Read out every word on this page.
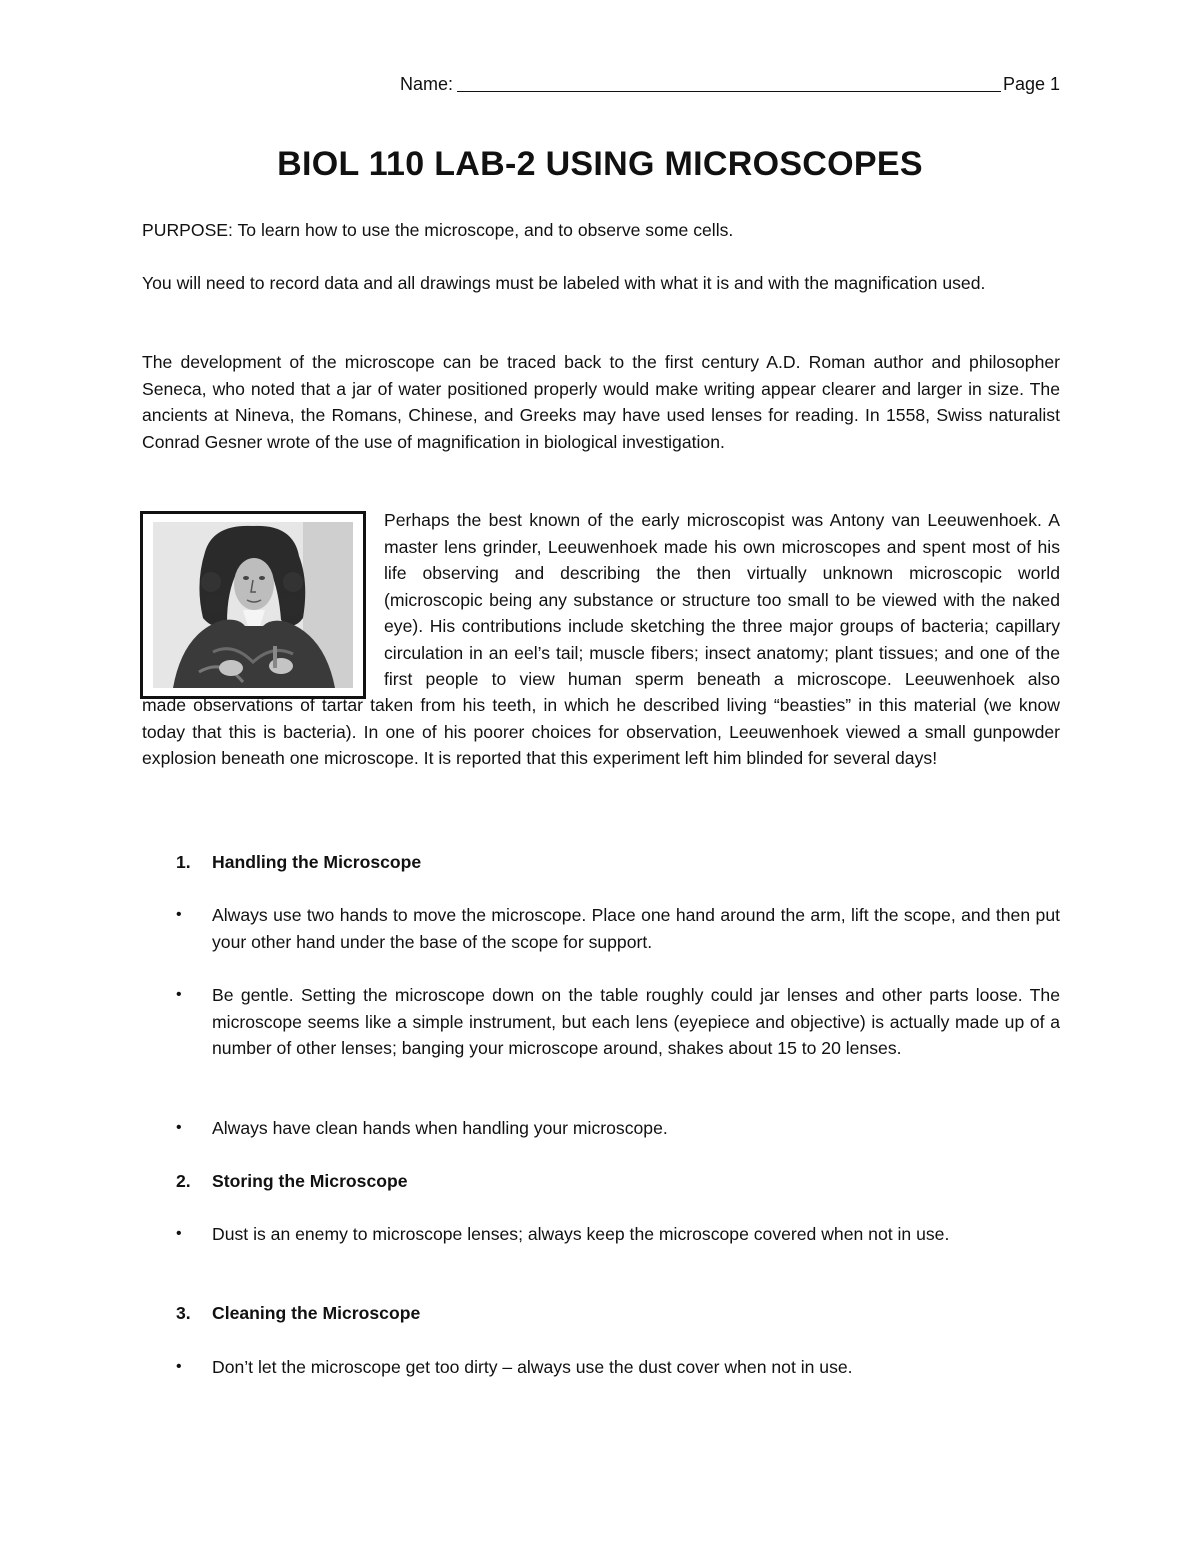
Name:	Page 1
BIOL 110 LAB-2 USING MICROSCOPES

PURPOSE: To learn how to use the microscope, and to observe some cells.

You will need to record data and all drawings must be labeled with what it is and with the magnification used.

The development of the microscope can be traced back to the first century A.D. Roman author and philosopher Seneca, who noted that a jar of water positioned properly would make writing appear clearer and larger in size. The ancients at Nineva, the Romans, Chinese, and Greeks may have used lenses for reading. In 1558, Swiss naturalist Conrad Gesner wrote of the use of magnification in biological investigation.

Perhaps the best known of the early microscopist was Antony van Leeuwenhoek. A master lens grinder, Leeuwenhoek made his own microscopes and spent most of his life observing and describing the then virtually unknown microscopic world (microscopic being any substance or structure too small to be viewed with the naked eye). His contributions include sketching the three major groups of bacteria; capillary circulation in an eel’s tail; muscle fibers; insect anatomy; plant tissues; and one of the first people to view human sperm beneath a microscope. Leeuwenhoek also

made observations of tartar taken from his teeth, in which he described living “beasties” in this material (we know today that this is bacteria). In one of his poorer choices for observation, Leeuwenhoek viewed a small gunpowder explosion beneath one microscope. It is reported that this experiment left him blinded for several days!

1. Handling the Microscope
•	Always use two hands to move the microscope. Place one hand around the arm, lift the scope, and then put your other hand under the base of the scope for support.
•	Be gentle. Setting the microscope down on the table roughly could jar lenses and other parts loose. The microscope seems like a simple instrument, but each lens (eyepiece and objective) is actually made up of a number of other lenses; banging your microscope around, shakes about 15 to 20 lenses.
•	Always have clean hands when handling your microscope.
2. Storing the Microscope
•	Dust is an enemy to microscope lenses; always keep the microscope covered when not in use.
3. Cleaning the Microscope
•	Don’t let the microscope get too dirty – always use the dust cover when not in use.
